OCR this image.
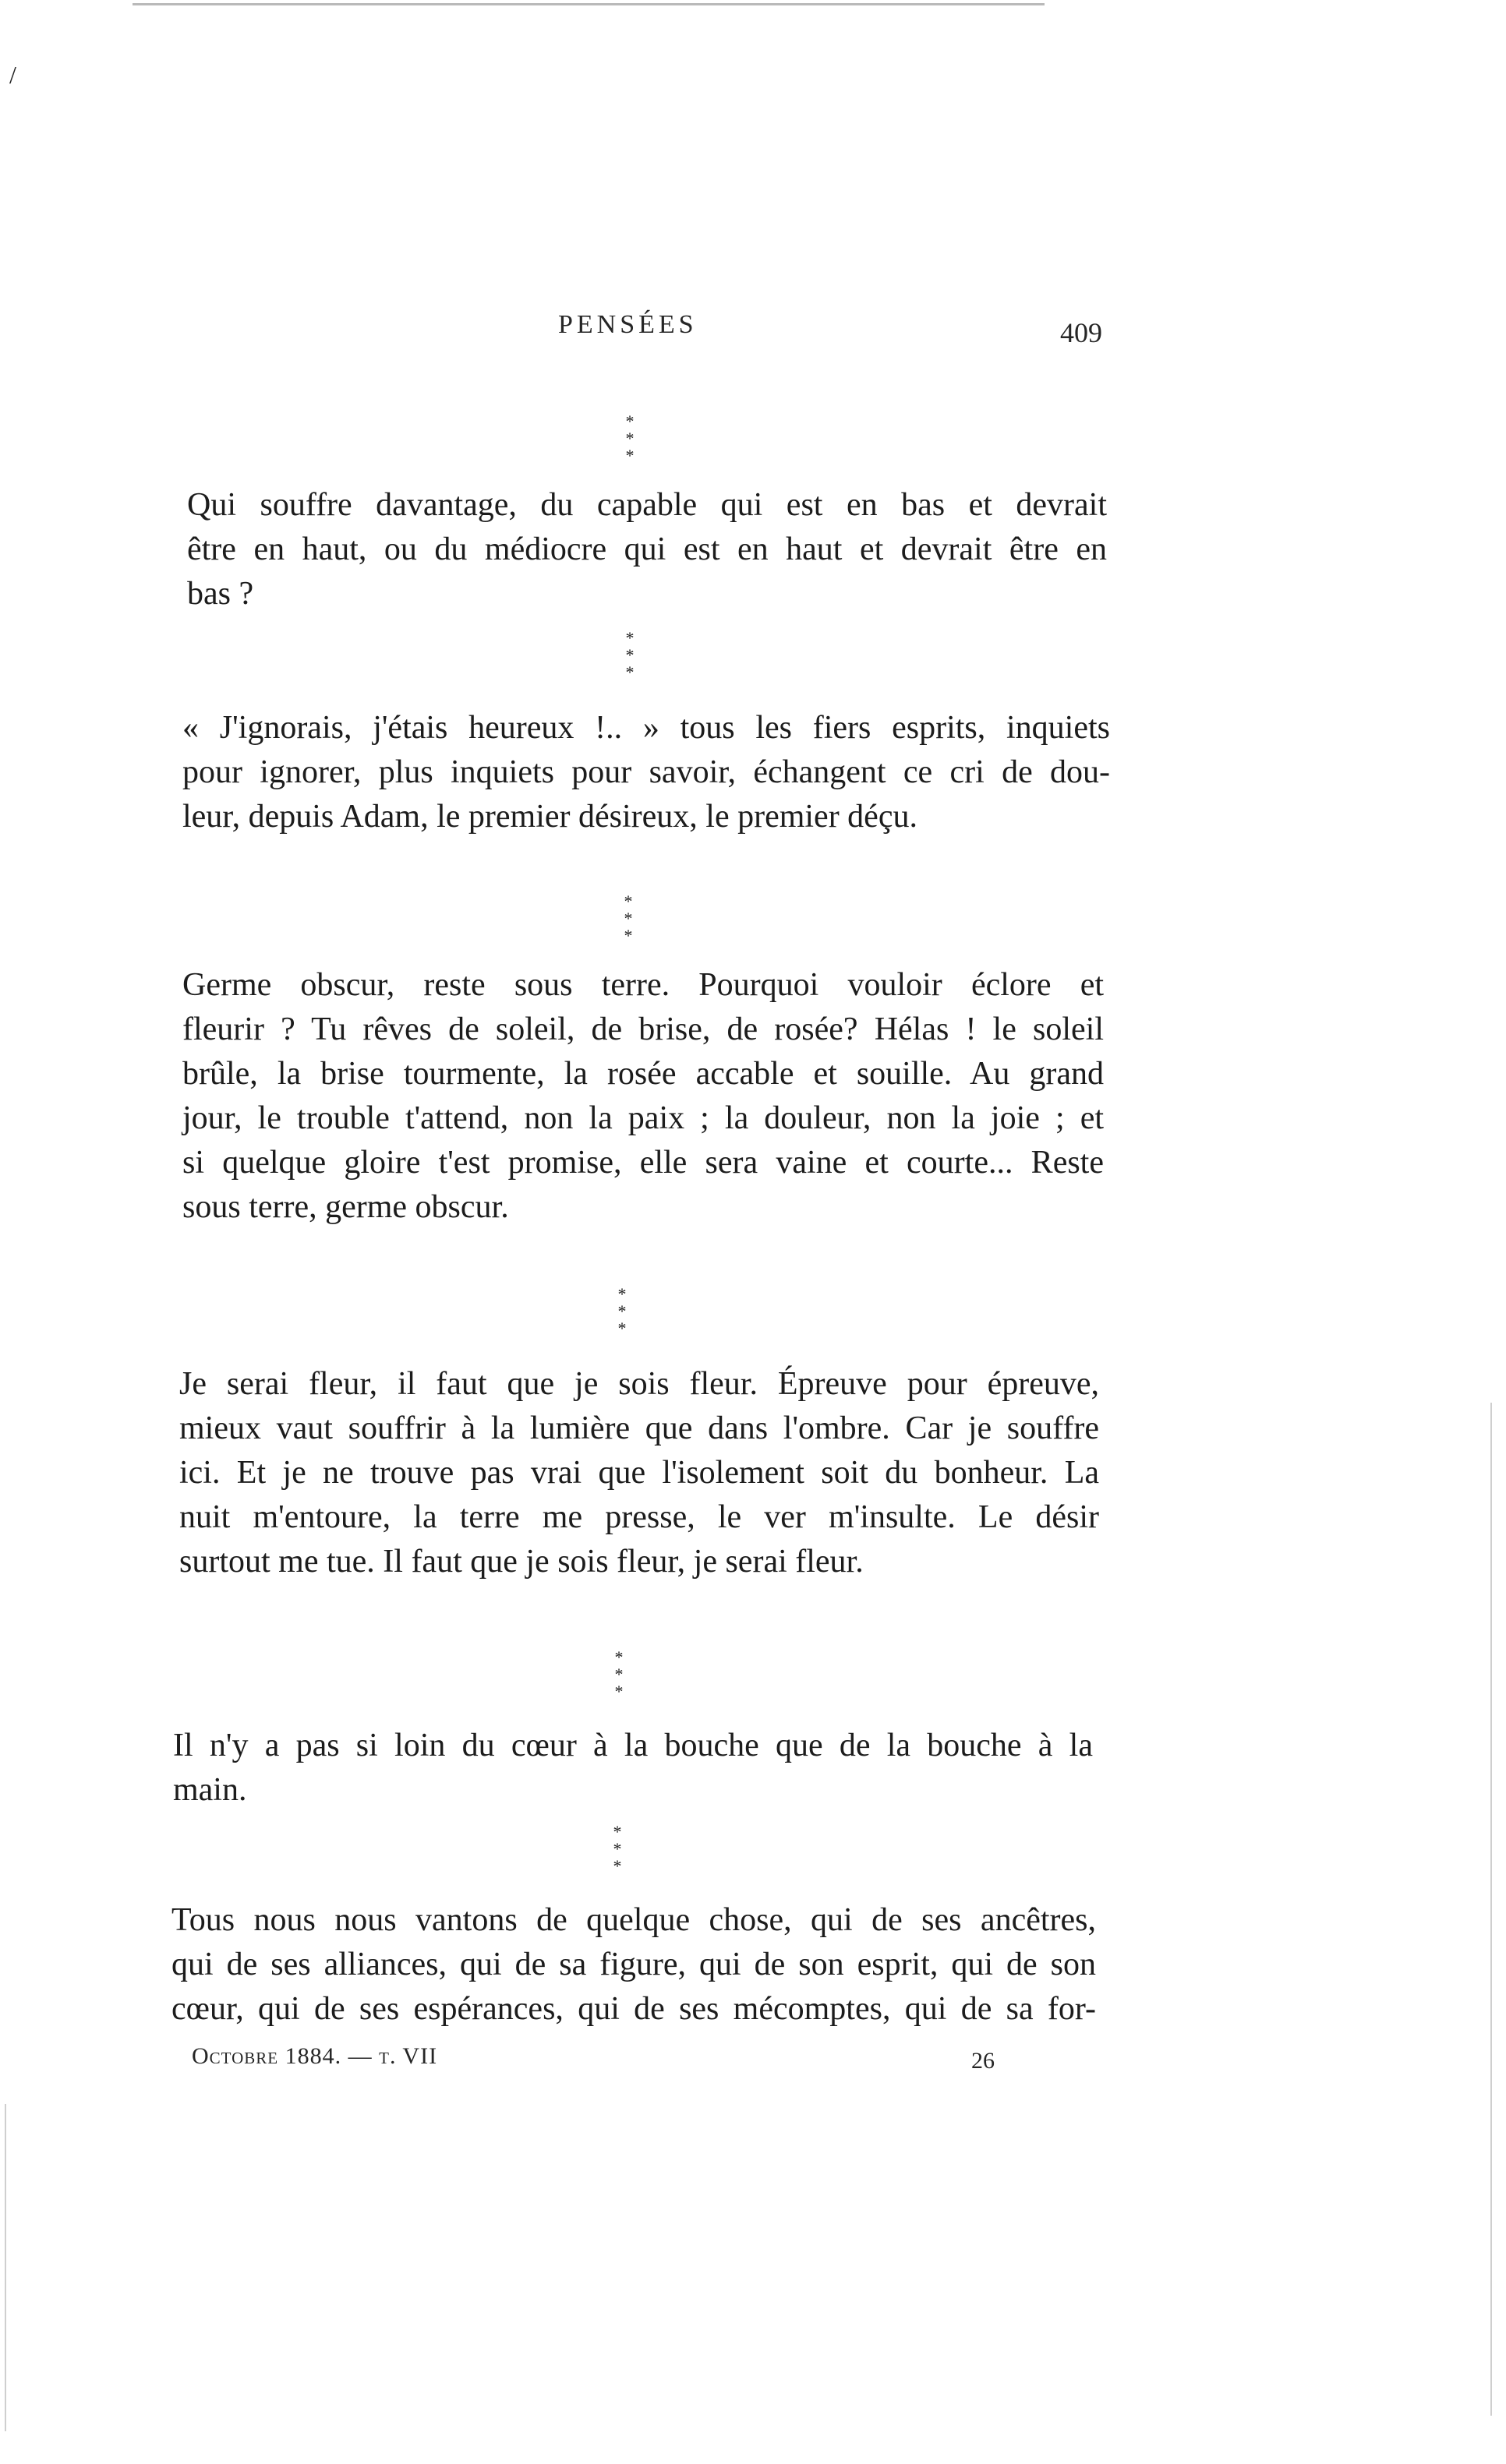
/
PENSÉES	409
*
* *

Qui souffre davantage, du capable qui est en bas et devrait
être en haut, ou du médiocre qui est en haut et devrait être en
bas ?

*
* *

« J'ignorais, j'étais heureux !.. » tous les fiers esprits, inquiets
pour ignorer, plus inquiets pour savoir, échangent ce cri de dou-
leur, depuis Adam, le premier désireux, le premier déçu.

*
* *

Germe obscur, reste sous terre. Pourquoi vouloir éclore et
fleurir ? Tu rêves de soleil, de brise, de rosée? Hélas ! le soleil
brûle, la brise tourmente, la rosée accable et souille. Au grand
jour, le trouble t'attend, non la paix ; la douleur, non la joie ; et
si quelque gloire t'est promise, elle sera vaine et courte... Reste
sous terre, germe obscur.

*
* *

Je serai fleur, il faut que je sois fleur. Épreuve pour épreuve,
mieux vaut souffrir à la lumière que dans l'ombre. Car je souffre
ici. Et je ne trouve pas vrai que l'isolement soit du bonheur. La
nuit m'entoure, la terre me presse, le ver m'insulte. Le désir
surtout me tue. Il faut que je sois fleur, je serai fleur.

*
* *

Il n'y a pas si loin du cœur à la bouche que de la bouche à la
main.

*
* *

Tous nous nous vantons de quelque chose, qui de ses ancêtres,
qui de ses alliances, qui de sa figure, qui de son esprit, qui de son
cœur, qui de ses espérances, qui de ses mécomptes, qui de sa for-

Octobre 1884. — t. VII	26
